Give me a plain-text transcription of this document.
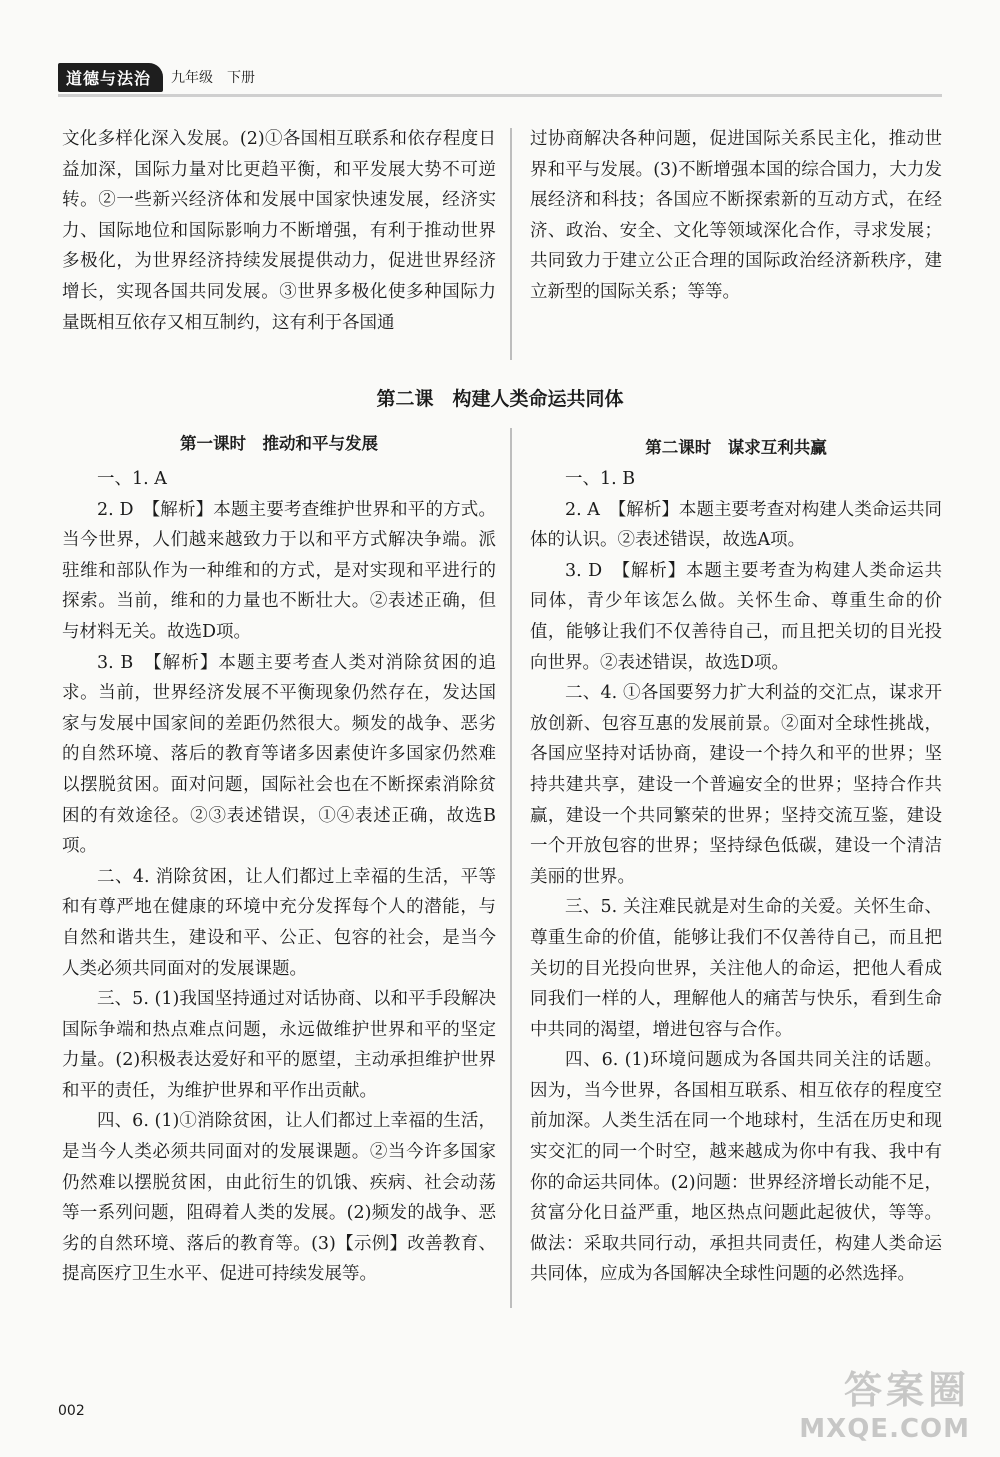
道德与法治	九年级　下册

文化多样化深入发展。(2)①各国相互联系和依存程度日益加深，国际力量对比更趋平衡，和平发展大势不可逆转。②一些新兴经济体和发展中国家快速发展，经济实力、国际地位和国际影响力不断增强，有利于推动世界多极化，为世界经济持续发展提供动力，促进世界经济增长，实现各国共同发展。③世界多极化使多种国际力量既相互依存又相互制约，这有利于各国通

过协商解决各种问题，促进国际关系民主化，推动世界和平与发展。(3)不断增强本国的综合国力，大力发展经济和科技；各国应不断探索新的互动方式，在经济、政治、安全、文化等领域深化合作，寻求发展；共同致力于建立公正合理的国际政治经济新秩序，建立新型的国际关系；等等。

第二课　构建人类命运共同体
第一课时　推动和平与发展

一、1. A

2. D　【解析】本题主要考查维护世界和平的方式。当今世界，人们越来越致力于以和平方式解决争端。派驻维和部队作为一种维和的方式，是对实现和平进行的探索。当前，维和的力量也不断壮大。②表述正确，但与材料无关。故选D项。

3. B　【解析】本题主要考查人类对消除贫困的追求。当前，世界经济发展不平衡现象仍然存在，发达国家与发展中国家间的差距仍然很大。频发的战争、恶劣的自然环境、落后的教育等诸多因素使许多国家仍然难以摆脱贫困。面对问题，国际社会也在不断探索消除贫困的有效途径。②③表述错误，①④表述正确，故选B项。

二、4. 消除贫困，让人们都过上幸福的生活，平等和有尊严地在健康的环境中充分发挥每个人的潜能，与自然和谐共生，建设和平、公正、包容的社会，是当今人类必须共同面对的发展课题。

三、5. (1)我国坚持通过对话协商、以和平手段解决国际争端和热点难点问题，永远做维护世界和平的坚定力量。(2)积极表达爱好和平的愿望，主动承担维护世界和平的责任，为维护世界和平作出贡献。

四、6. (1)①消除贫困，让人们都过上幸福的生活，是当今人类必须共同面对的发展课题。②当今许多国家仍然难以摆脱贫困，由此衍生的饥饿、疾病、社会动荡等一系列问题，阻碍着人类的发展。(2)频发的战争、恶劣的自然环境、落后的教育等。(3)【示例】改善教育、提高医疗卫生水平、促进可持续发展等。

第二课时　谋求互利共赢

一、1. B

2. A　【解析】本题主要考查对构建人类命运共同体的认识。②表述错误，故选A项。

3. D　【解析】本题主要考查为构建人类命运共同体，青少年该怎么做。关怀生命、尊重生命的价值，能够让我们不仅善待自己，而且把关切的目光投向世界。②表述错误，故选D项。

二、4. ①各国要努力扩大利益的交汇点，谋求开放创新、包容互惠的发展前景。②面对全球性挑战，各国应坚持对话协商，建设一个持久和平的世界；坚持共建共享，建设一个普遍安全的世界；坚持合作共赢，建设一个共同繁荣的世界；坚持交流互鉴，建设一个开放包容的世界；坚持绿色低碳，建设一个清洁美丽的世界。

三、5. 关注难民就是对生命的关爱。关怀生命、尊重生命的价值，能够让我们不仅善待自己，而且把关切的目光投向世界，关注他人的命运，把他人看成同我们一样的人，理解他人的痛苦与快乐，看到生命中共同的渴望，增进包容与合作。

四、6. (1)环境问题成为各国共同关注的话题。因为，当今世界，各国相互联系、相互依存的程度空前加深。人类生活在同一个地球村，生活在历史和现实交汇的同一个时空，越来越成为你中有我、我中有你的命运共同体。(2)问题：世界经济增长动能不足，贫富分化日益严重，地区热点问题此起彼伏，等等。做法：采取共同行动，承担共同责任，构建人类命运共同体，应成为各国解决全球性问题的必然选择。

002	答案圈
MXQE.COM
